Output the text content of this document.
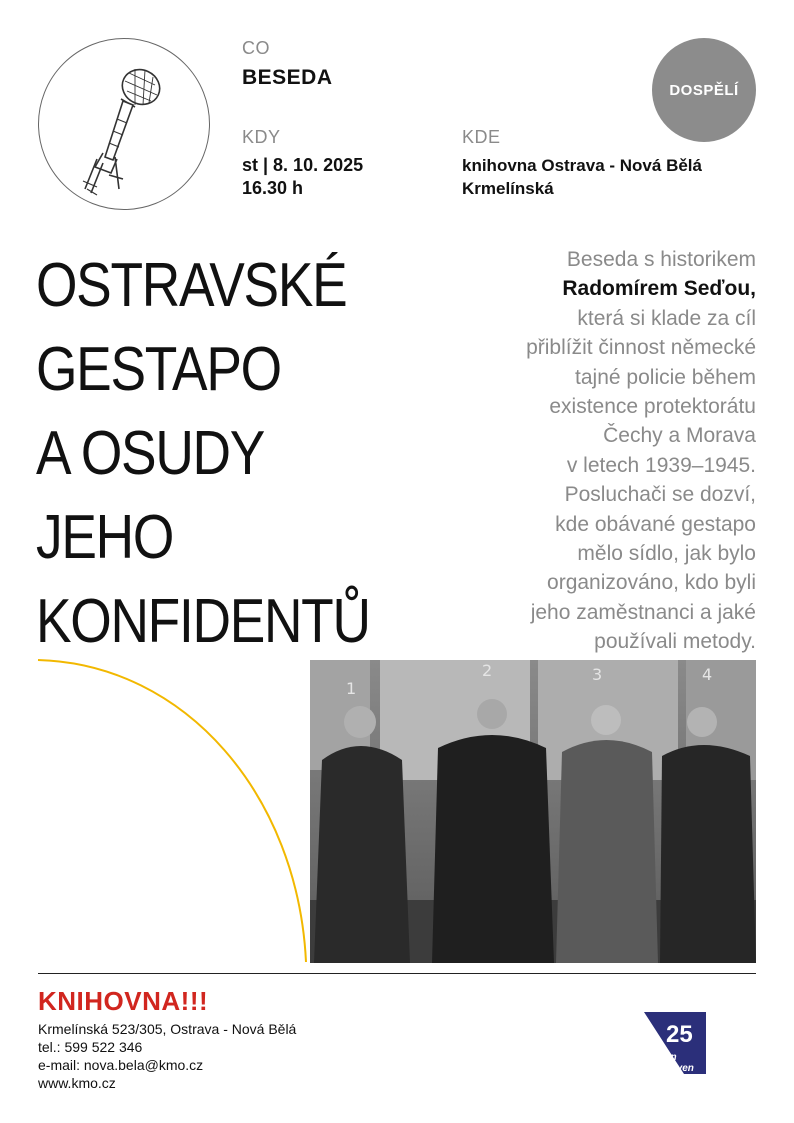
CO
BESEDA
KDY
st | 8. 10. 2025
16.30 h
KDE
knihovna Ostrava - Nová Bělá
Krmelínská
DOSPĚLÍ
OSTRAVSKÉ
GESTAPO
A OSUDY
JEHO
KONFIDENTŮ
Beseda s historikem
Radomírem Seďou,
která si klade za cíl
přiblížit činnost německé
tajné policie během
existence protektorátu
Čechy a Morava
v letech 1939–1945.
Posluchači se dozví,
kde obávané gestapo
mělo sídlo, jak bylo
organizováno, kdo byli
jeho zaměstnanci a jaké
používali metody.
1
2	3	4
KNIHOVNA!!!
Krmelínská 523/305, Ostrava - Nová Bělá
tel.: 599 522 346
e-mail: nova.bela@kmo.cz
www.kmo.cz
25
týden
knihoven
